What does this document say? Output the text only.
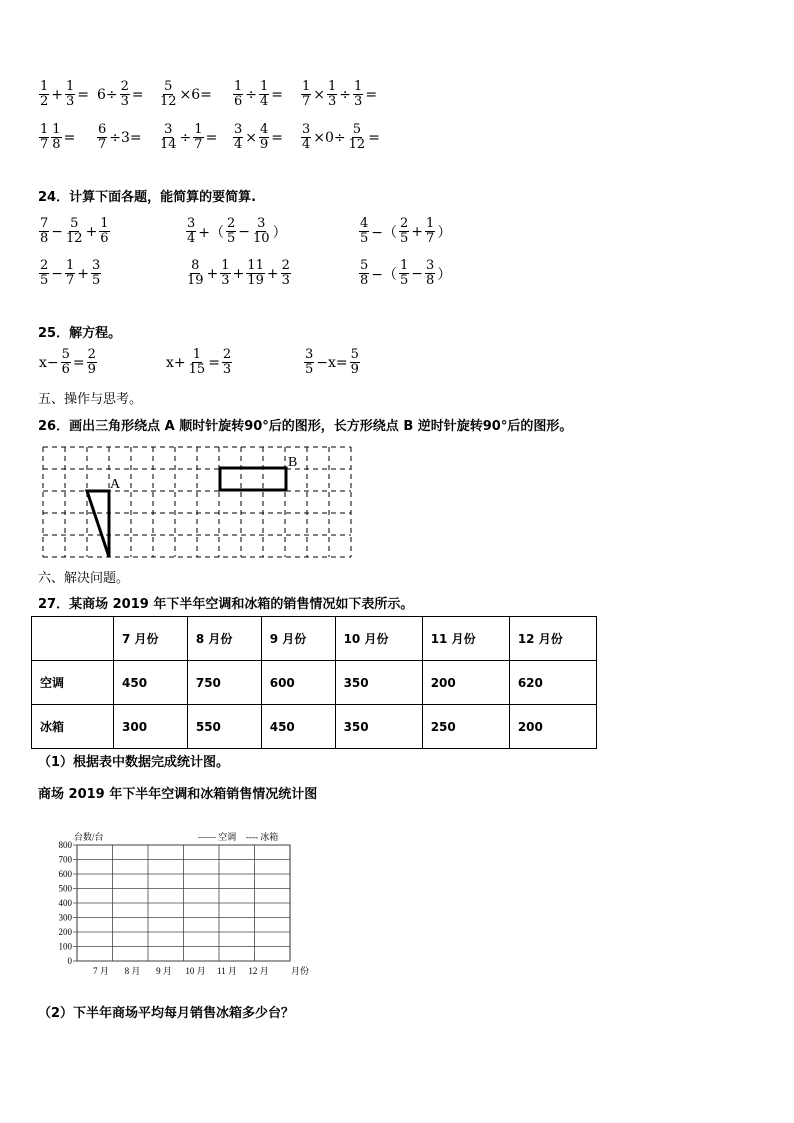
$\frac{1}{2} + \frac{1}{3} = 6\div \frac{2}{3} = \frac{5}{12} \times 6= \frac{1}{6} \div \frac{1}{4} = \frac{1}{7} \times \frac{1}{3} \div \frac{1}{3}$ =
$\frac{1}{7} \frac{1}{8} = \frac{6}{7} \div 3= \frac{3}{14} \div \frac{1}{7} = \frac{3}{4} \times \frac{4}{9} = \frac{3}{4} \times 0\div \frac{5}{12}$ =
24．计算下面各题，能简算的要简算.
$\frac{7}{8} - \frac{5}{12} + \frac{1}{6}$	$\frac{3}{4}$ +（ $\frac{2}{5} - \frac{3}{10}$ ）	$\frac{4}{5}$ −（ $\frac{2}{5} + \frac{1}{7}$ ）
$\frac{2}{5} - \frac{1}{7} + \frac{3}{5}$	$\frac{8}{19} + \frac{1}{3} + \frac{11}{19} + \frac{2}{3}$	$\frac{5}{8}$ −（ $\frac{1}{5} - \frac{3}{8}$ ）
25．解方程。
$x- \frac{5}{6} = \frac{2}{9}$	$x+ \frac{1}{15} = \frac{2}{3}$	$\frac{3}{5} -x= \frac{5}{9}$
五、操作与思考。
26．画出三角形绕点 A 顺时针旋转90°后的图形，长方形绕点 B 逆时针旋转90°后的图形。
A
B
六、解决问题。
27．某商场 2019 年下半年空调和冰箱的销售情况如下表所示。
	7 月份	8 月份	9 月份	10 月份	11 月份	12 月份
空调	450	750	600	350	200	620
冰箱	300	550	450	350	250	200
（1）根据表中数据完成统计图。
商场 2019 年下半年空调和冰箱销售情况统计图
800
700
600
500
400
300
200
100
0
7 月 8 月 9 月 10 月 11 月 12 月 月份
台数/台	—— 空调 ---- 冰箱
（2）下半年商场平均每月销售冰箱多少台？
